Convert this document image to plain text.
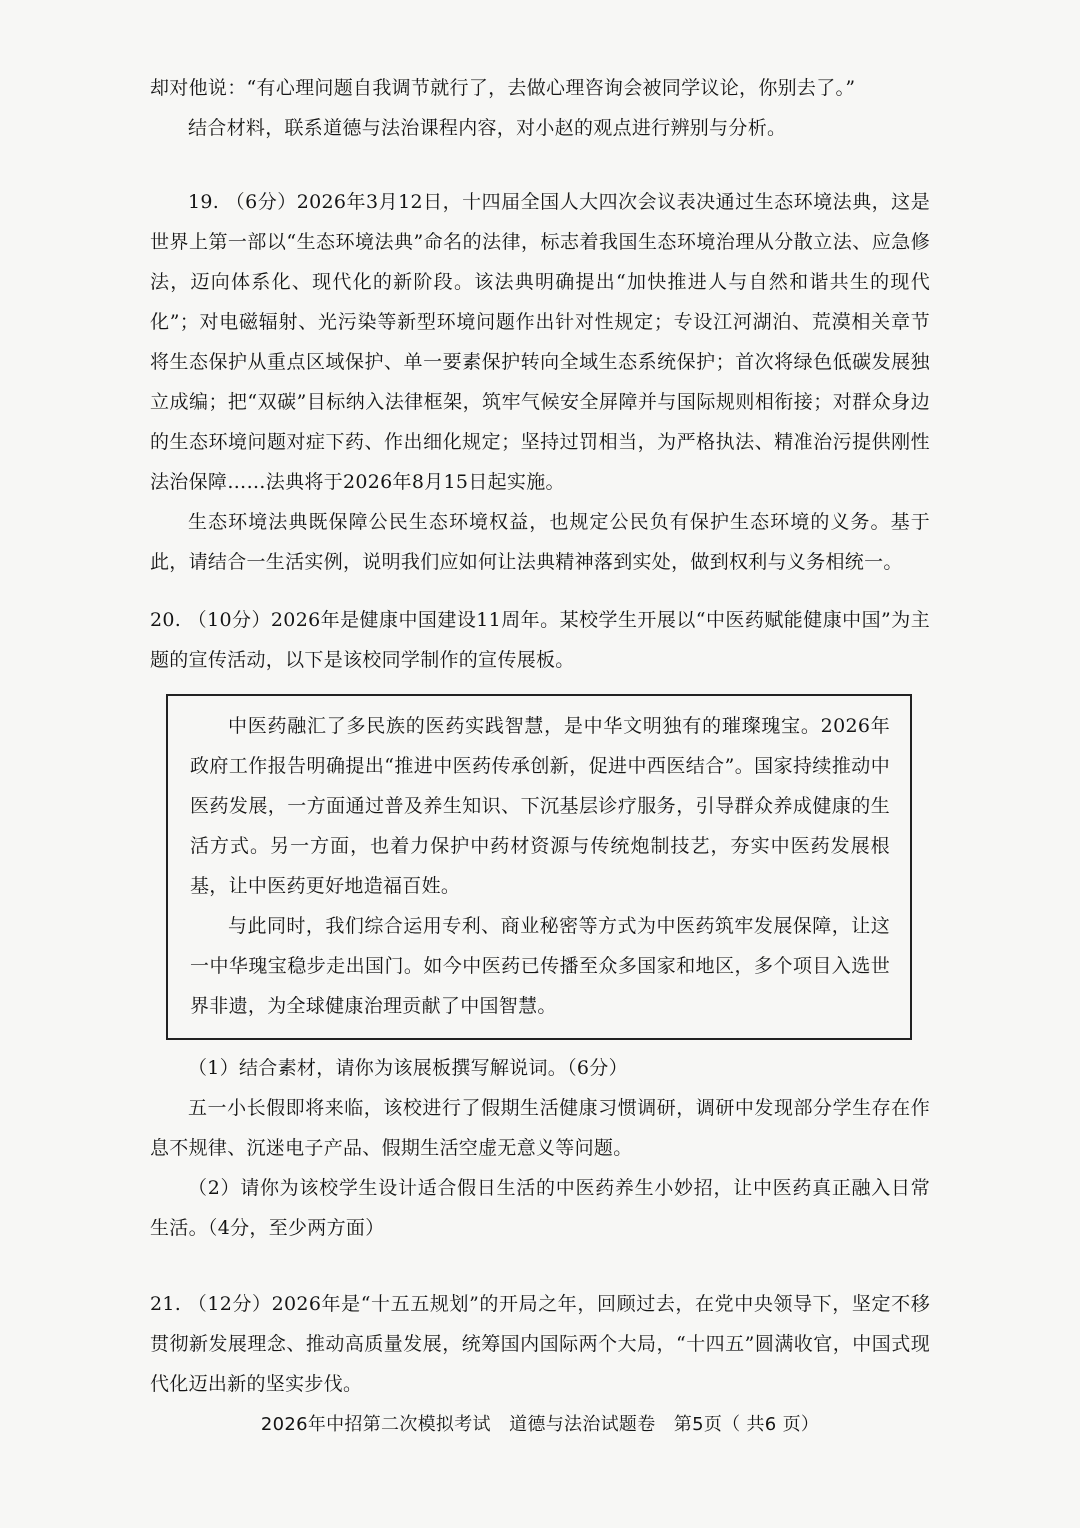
却对他说：“有心理问题自我调节就行了，去做心理咨询会被同学议论，你别去了。”

结合材料，联系道德与法治课程内容，对小赵的观点进行辨别与分析。

19. （6分）2026年3月12日，十四届全国人大四次会议表决通过生态环境法典，这是世界上第一部以“生态环境法典”命名的法律，标志着我国生态环境治理从分散立法、应急修法，迈向体系化、现代化的新阶段。该法典明确提出“加快推进人与自然和谐共生的现代化”；对电磁辐射、光污染等新型环境问题作出针对性规定；专设江河湖泊、荒漠相关章节将生态保护从重点区域保护、单一要素保护转向全域生态系统保护；首次将绿色低碳发展独立成编；把“双碳”目标纳入法律框架，筑牢气候安全屏障并与国际规则相衔接；对群众身边的生态环境问题对症下药、作出细化规定；坚持过罚相当，为严格执法、精准治污提供刚性法治保障……法典将于2026年8月15日起实施。

生态环境法典既保障公民生态环境权益，也规定公民负有保护生态环境的义务。基于此，请结合一生活实例，说明我们应如何让法典精神落到实处，做到权利与义务相统一。

20. （10分）2026年是健康中国建设11周年。某校学生开展以“中医药赋能健康中国”为主题的宣传活动，以下是该校同学制作的宣传展板。

中医药融汇了多民族的医药实践智慧，是中华文明独有的璀璨瑰宝。2026年政府工作报告明确提出“推进中医药传承创新，促进中西医结合”。国家持续推动中医药发展，一方面通过普及养生知识、下沉基层诊疗服务，引导群众养成健康的生活方式。另一方面，也着力保护中药材资源与传统炮制技艺，夯实中医药发展根基，让中医药更好地造福百姓。

与此同时，我们综合运用专利、商业秘密等方式为中医药筑牢发展保障，让这一中华瑰宝稳步走出国门。如今中医药已传播至众多国家和地区，多个项目入选世界非遗，为全球健康治理贡献了中国智慧。

（1）结合素材，请你为该展板撰写解说词。（6分）

五一小长假即将来临，该校进行了假期生活健康习惯调研，调研中发现部分学生存在作息不规律、沉迷电子产品、假期生活空虚无意义等问题。

（2）请你为该校学生设计适合假日生活的中医药养生小妙招，让中医药真正融入日常生活。（4分，至少两方面）

21. （12分）2026年是“十五五规划”的开局之年，回顾过去，在党中央领导下，坚定不移贯彻新发展理念、推动高质量发展，统筹国内国际两个大局，“十四五”圆满收官，中国式现代化迈出新的坚实步伐。

2026年中招第二次模拟考试　道德与法治试题卷　第5页（ 共6 页）
